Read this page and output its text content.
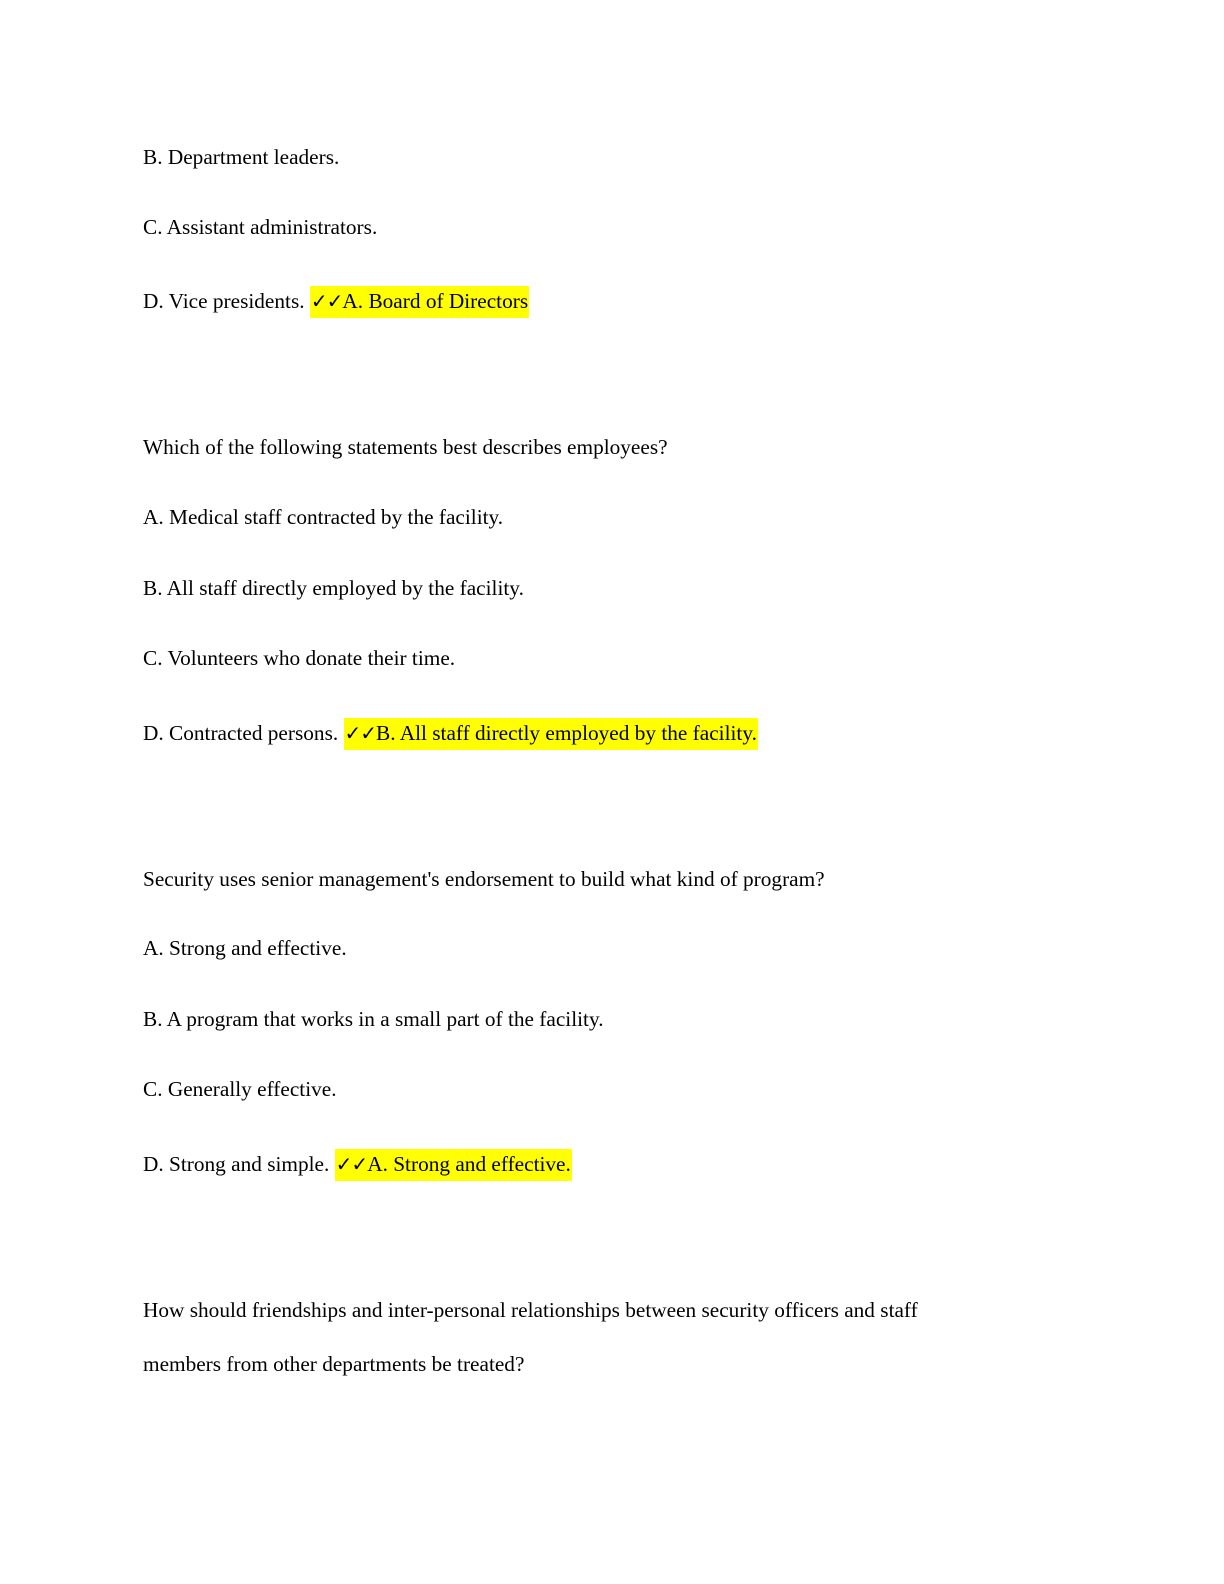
B. Department leaders.
C. Assistant administrators.
D. Vice presidents. ✓✓A. Board of Directors
Which of the following statements best describes employees?
A. Medical staff contracted by the facility.
B. All staff directly employed by the facility.
C. Volunteers who donate their time.
D. Contracted persons. ✓✓B. All staff directly employed by the facility.
Security uses senior management's endorsement to build what kind of program?
A. Strong and effective.
B. A program that works in a small part of the facility.
C. Generally effective.
D. Strong and simple. ✓✓A. Strong and effective.
How should friendships and inter-personal relationships between security officers and staff
members from other departments be treated?
